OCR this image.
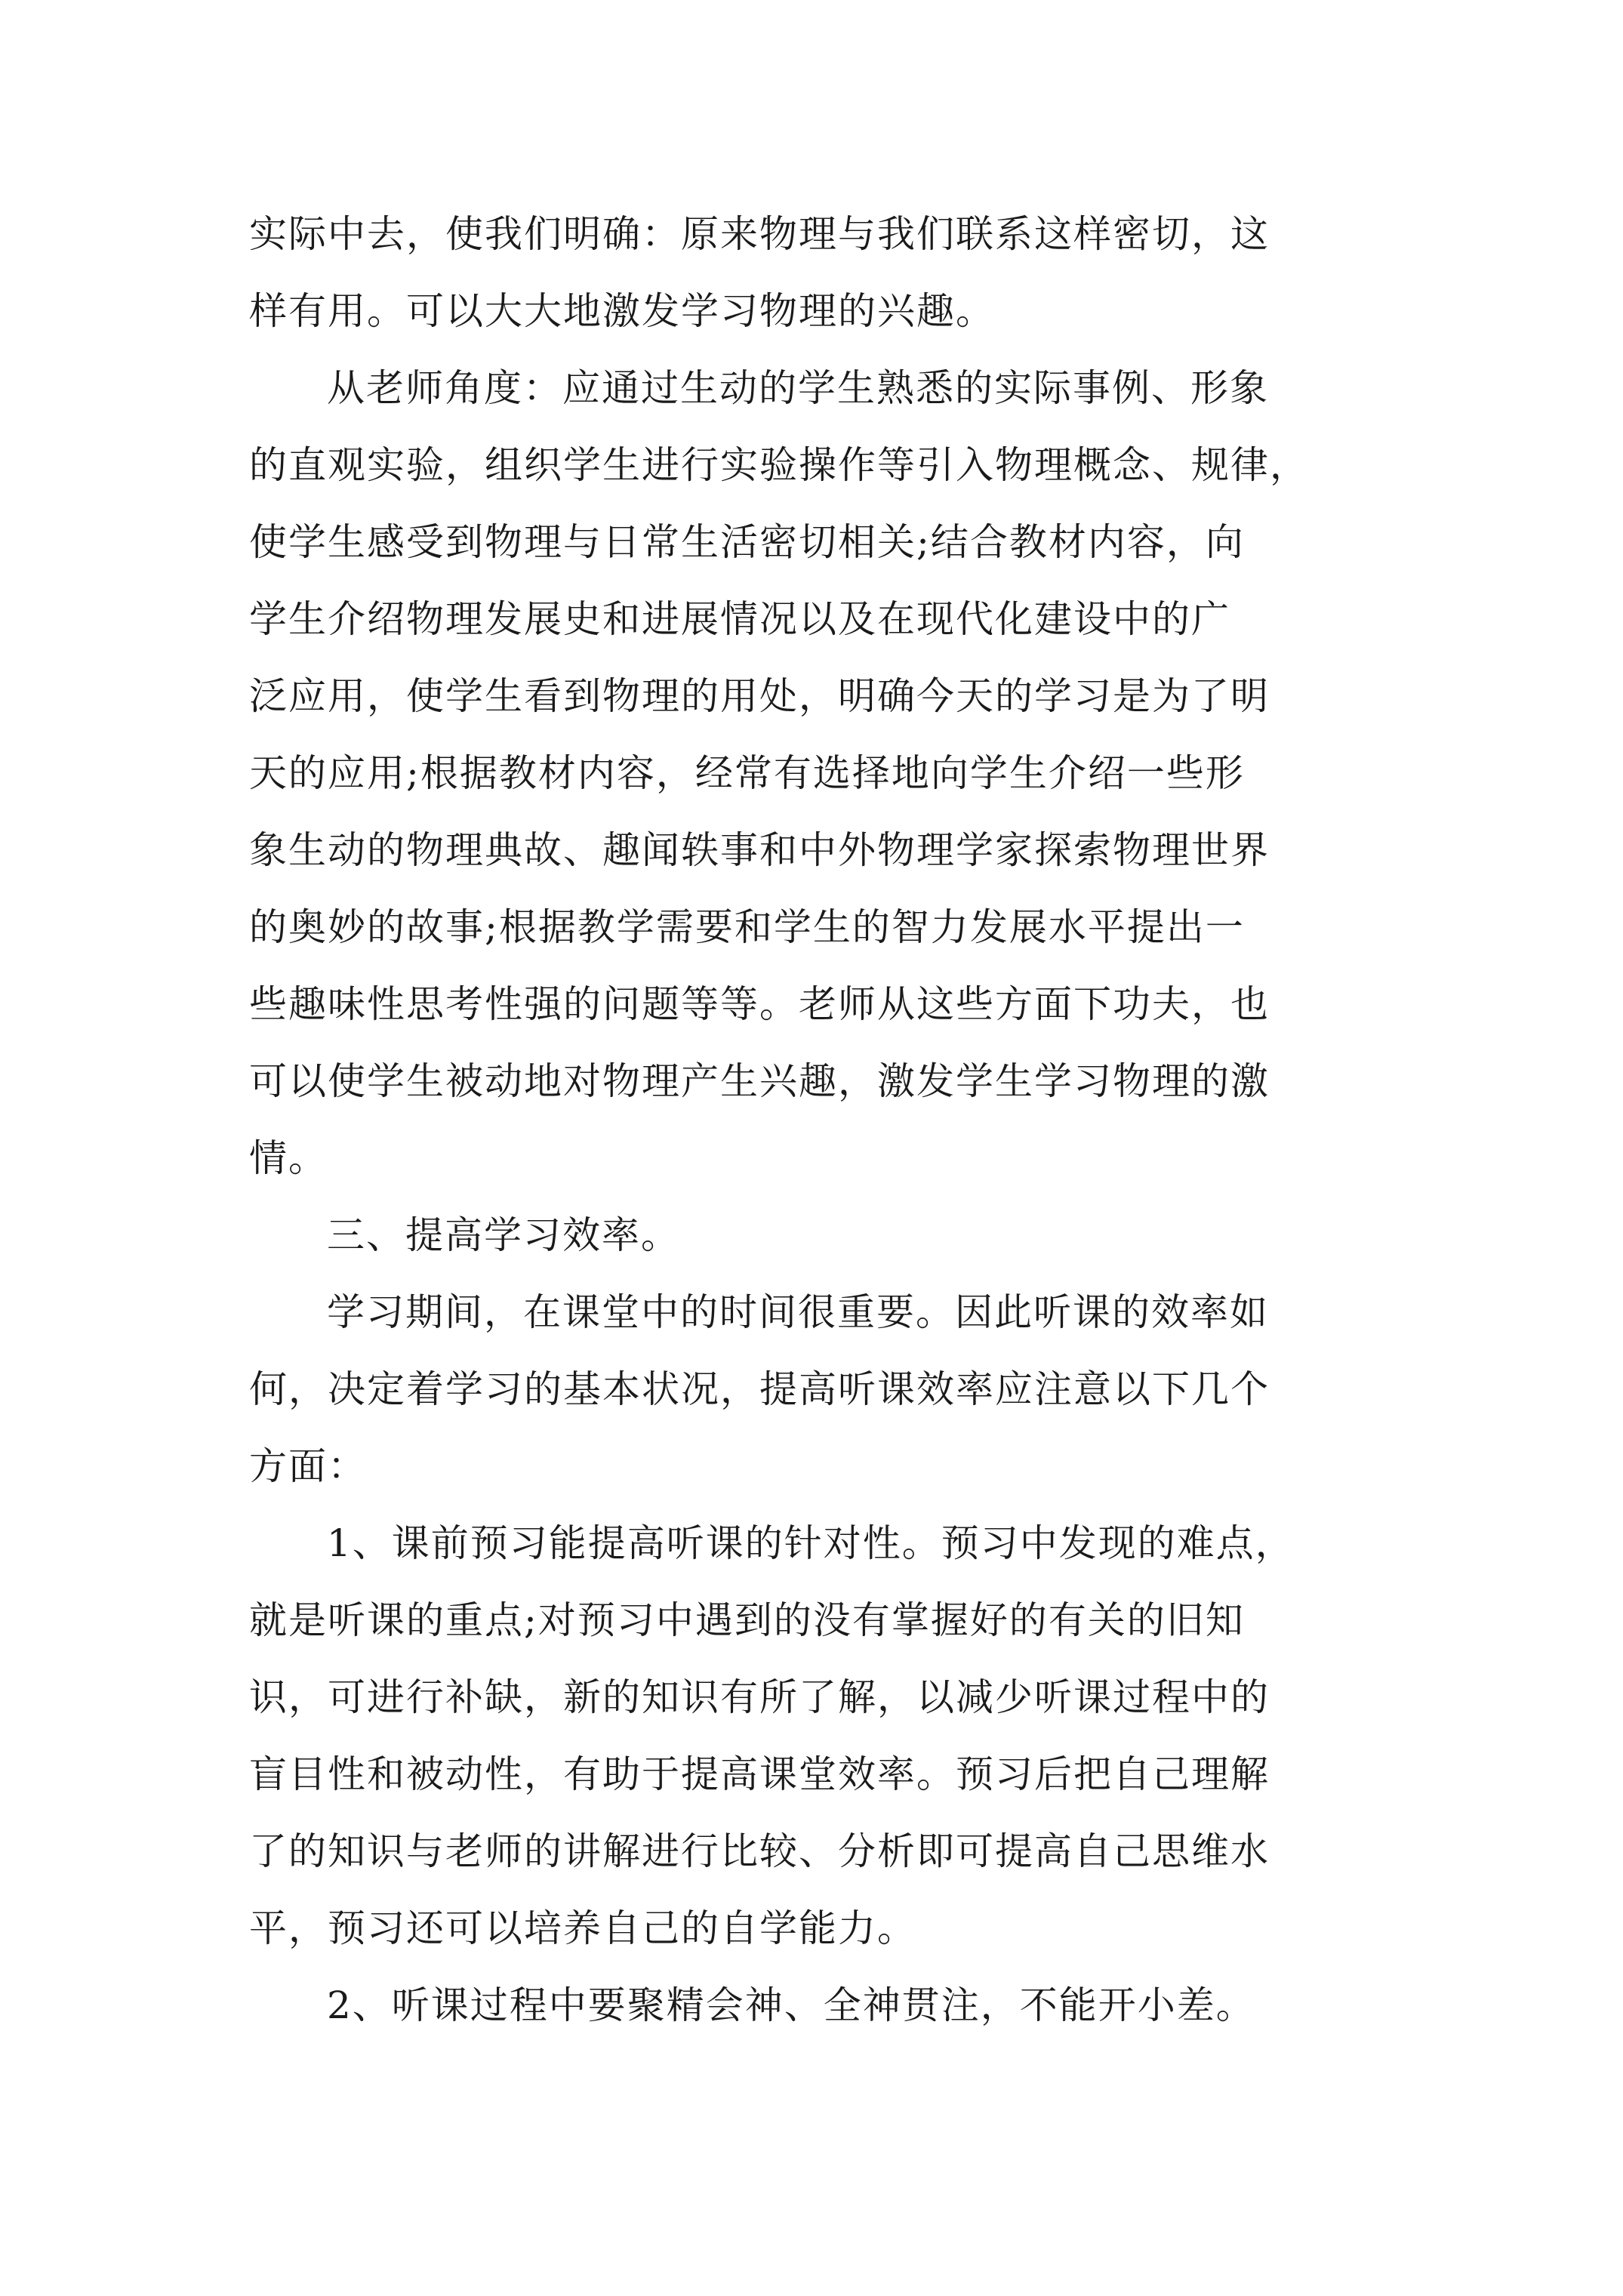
实际中去，使我们明确：原来物理与我们联系这样密切，这
样有用。可以大大地激发学习物理的兴趣。
从老师角度：应通过生动的学生熟悉的实际事例、形象
的直观实验，组织学生进行实验操作等引入物理概念、规律，
使学生感受到物理与日常生活密切相关;结合教材内容，向
学生介绍物理发展史和进展情况以及在现代化建设中的广
泛应用，使学生看到物理的用处，明确今天的学习是为了明
天的应用;根据教材内容，经常有选择地向学生介绍一些形
象生动的物理典故、趣闻轶事和中外物理学家探索物理世界
的奥妙的故事;根据教学需要和学生的智力发展水平提出一
些趣味性思考性强的问题等等。老师从这些方面下功夫，也
可以使学生被动地对物理产生兴趣，激发学生学习物理的激
情。
三、提高学习效率。
学习期间，在课堂中的时间很重要。因此听课的效率如
何，决定着学习的基本状况，提高听课效率应注意以下几个
方面：
1、课前预习能提高听课的针对性。预习中发现的难点，
就是听课的重点;对预习中遇到的没有掌握好的有关的旧知
识，可进行补缺，新的知识有所了解，以减少听课过程中的
盲目性和被动性，有助于提高课堂效率。预习后把自己理解
了的知识与老师的讲解进行比较、分析即可提高自己思维水
平，预习还可以培养自己的自学能力。
2、听课过程中要聚精会神、全神贯注，不能开小差。
